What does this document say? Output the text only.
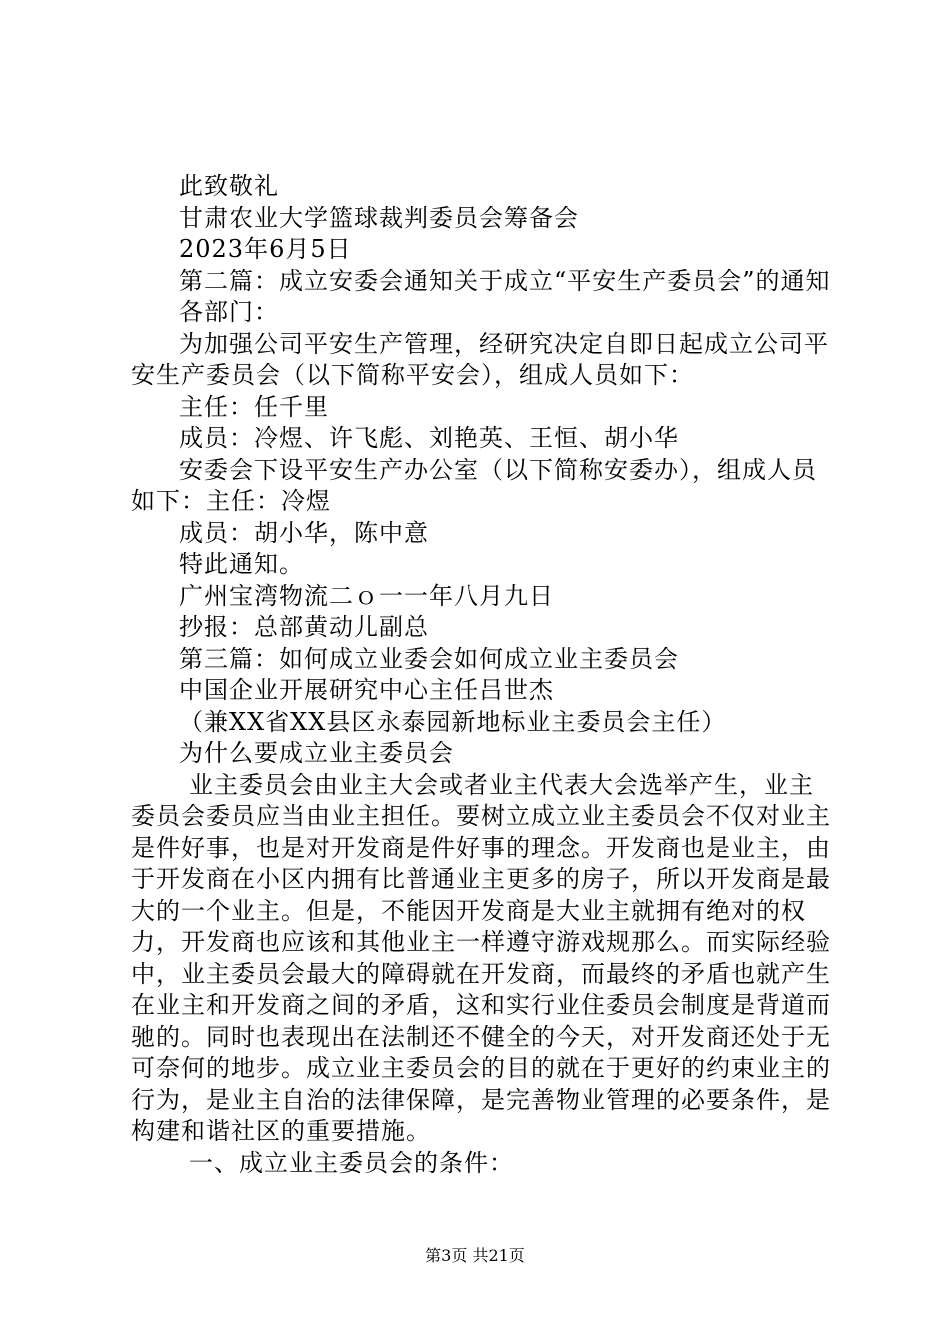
此致敬礼

甘肃农业大学篮球裁判委员会筹备会

2023年6月5日

第二篇：成立安委会通知关于成立“平安生产委员会”的通知

各部门：

为加强公司平安生产管理，经研究决定自即日起成立公司平安生产委员会（以下简称平安会），组成人员如下：

主任：任千里

成员：冷煜、许飞彪、刘艳英、王恒、胡小华

安委会下设平安生产办公室（以下简称安委办），组成人员如下：主任：冷煜

成员：胡小华，陈中意

特此通知。

广州宝湾物流二ｏ一一年八月九日

抄报：总部黄动儿副总

第三篇：如何成立业委会如何成立业主委员会

中国企业开展研究中心主任吕世杰

（兼XX省XX县区永泰园新地标业主委员会主任）

为什么要成立业主委员会

业主委员会由业主大会或者业主代表大会选举产生，业主委员会委员应当由业主担任。要树立成立业主委员会不仅对业主是件好事，也是对开发商是件好事的理念。开发商也是业主，由于开发商在小区内拥有比普通业主更多的房子，所以开发商是最大的一个业主。但是，不能因开发商是大业主就拥有绝对的权力，开发商也应该和其他业主一样遵守游戏规那么。而实际经验中，业主委员会最大的障碍就在开发商，而最终的矛盾也就产生在业主和开发商之间的矛盾，这和实行业住委员会制度是背道而驰的。同时也表现出在法制还不健全的今天，对开发商还处于无可奈何的地步。成立业主委员会的目的就在于更好的约束业主的行为，是业主自治的法律保障，是完善物业管理的必要条件，是构建和谐社区的重要措施。

一、成立业主委员会的条件：

第3页 共21页
